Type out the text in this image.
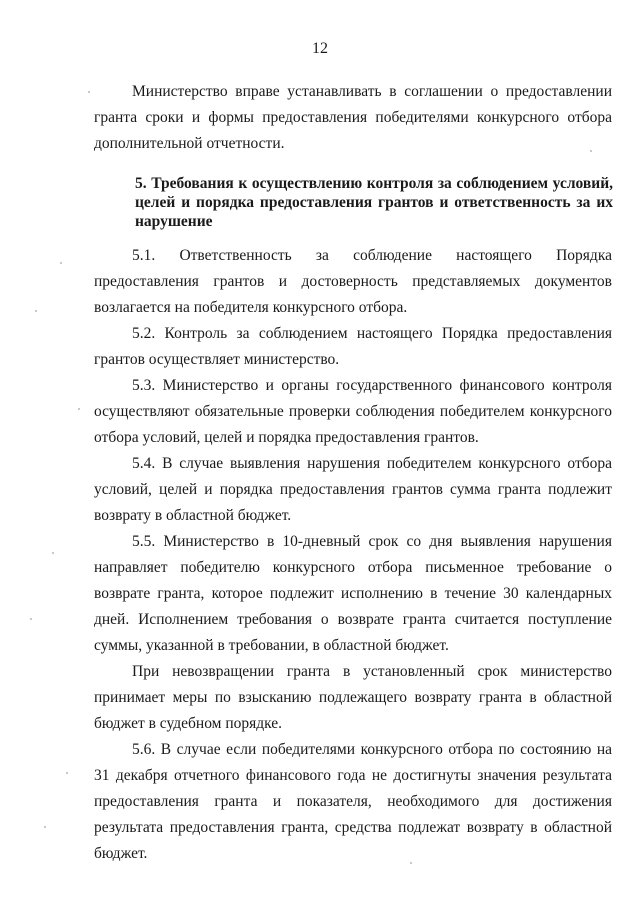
12

Министерство вправе устанавливать в соглашении о предоставлении гранта сроки и формы предоставления победителями конкурсного отбора дополнительной отчетности.

5. Требования к осуществлению контроля за соблюдением условий, целей и порядка предоставления грантов и ответственность за их нарушение

5.1. Ответственность за соблюдение настоящего Порядка предоставления грантов и достоверность представляемых документов возлагается на победителя конкурсного отбора.

5.2. Контроль за соблюдением настоящего Порядка предоставления грантов осуществляет министерство.

5.3. Министерство и органы государственного финансового контроля осуществляют обязательные проверки соблюдения победителем конкурсного отбора условий, целей и порядка предоставления грантов.

5.4. В случае выявления нарушения победителем конкурсного отбора условий, целей и порядка предоставления грантов сумма гранта подлежит возврату в областной бюджет.

5.5. Министерство в 10-дневный срок со дня выявления нарушения направляет победителю конкурсного отбора письменное требование о возврате гранта, которое подлежит исполнению в течение 30 календарных дней. Исполнением требования о возврате гранта считается поступление суммы, указанной в требовании, в областной бюджет.

При невозвращении гранта в установленный срок министерство принимает меры по взысканию подлежащего возврату гранта в областной бюджет в судебном порядке.

5.6. В случае если победителями конкурсного отбора по состоянию на 31 декабря отчетного финансового года не достигнуты значения результата предоставления гранта и показателя, необходимого для достижения результата предоставления гранта, средства подлежат возврату в областной бюджет.
